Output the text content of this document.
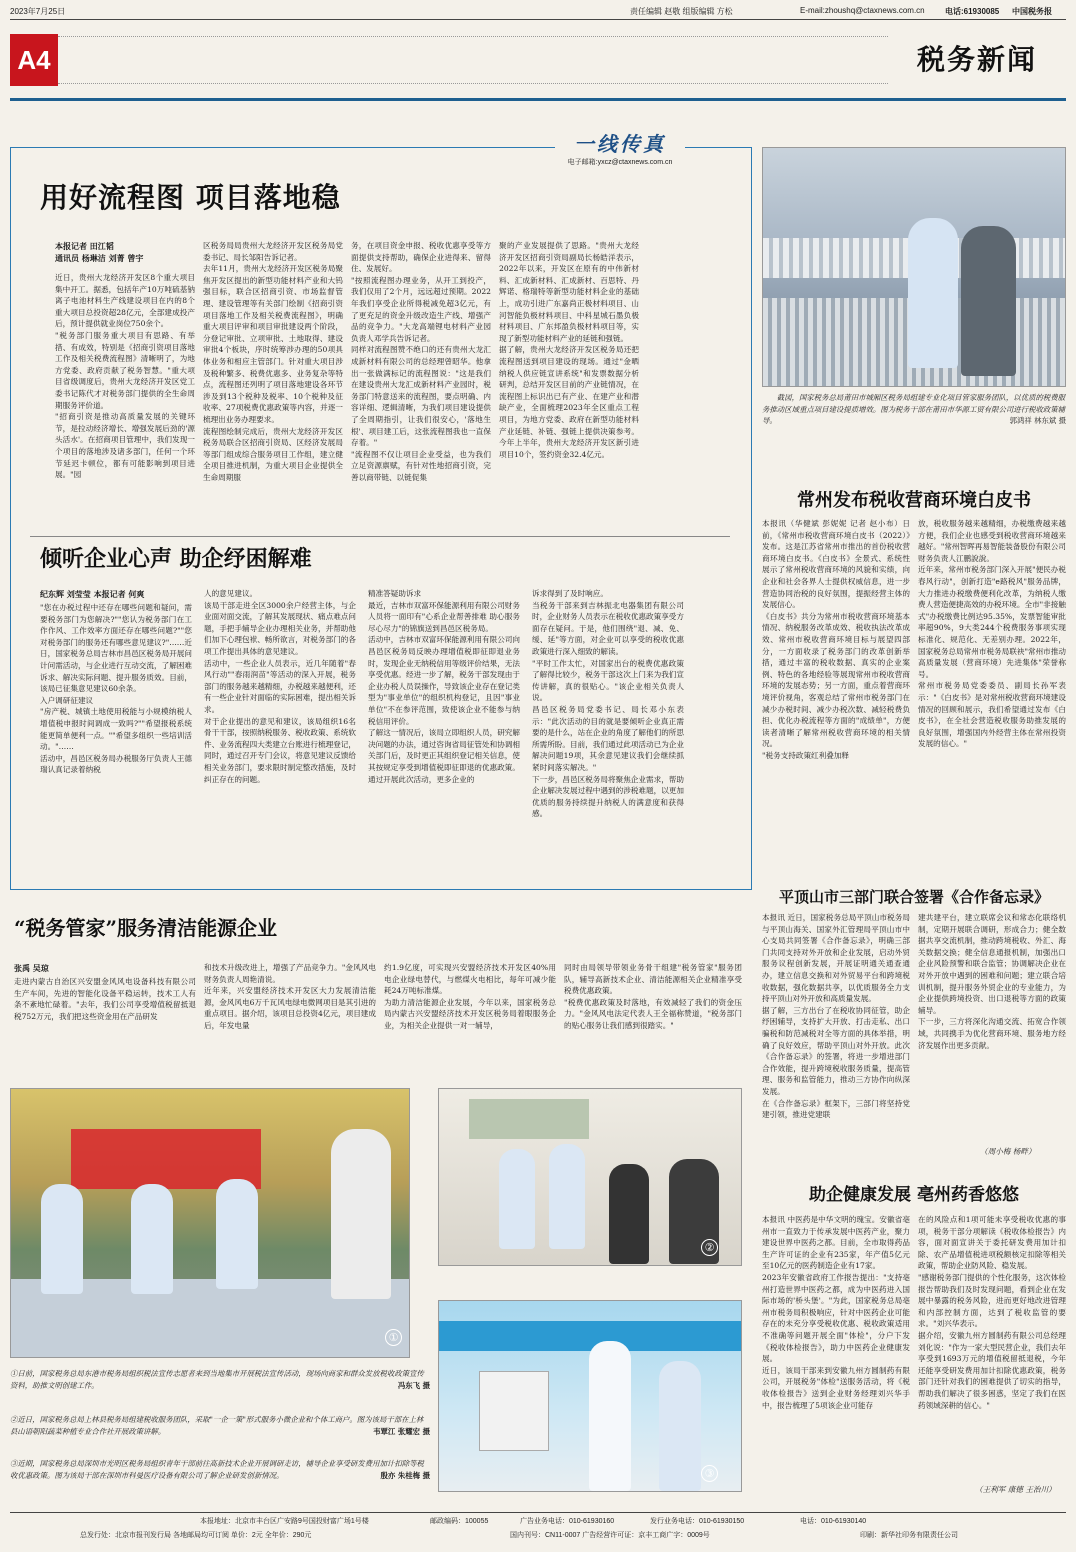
2023年7月25日	责任编辑 赵敬 组版编辑 方松	E-mail:zhoushq@ctaxnews.com.cn	电话:61930085 中国税务报
A4	税务新闻
一线传真
电子邮箱:yxcz@ctaxnews.com.cn
用好流程图 项目落地稳
本报记者 田江韬
通讯员 杨琳洁 刘菁 曾宇
近日，贵州大龙经济开发区8个重大项目集中开工。据悉，包括年产10万吨硫基钠离子电池材料生产线建设项目在内的8个重大项目总投资超28亿元，全部建成投产后，预计提供就业岗位750余个。
"税务部门服务重大项目有思路、有举措、有成效，特别是《招商引资项目落地工作及相关税费流程图》清晰明了，为地方党委、政府贡献了税务智慧。"重大项目省级调度后，贵州大龙经济开发区党工委书记陈代才对税务部门提供的全生命周期服务评价道。
"招商引资是推动高质量发展的关键环节，是拉动经济增长、增强发展后劲的'源头活水'。在招商项目管理中，我们发现一个项目的落地涉及诸多部门，任何一个环节延迟卡顿位，都有可能影响到项目进展。"园
区税务局局贵州大龙经济开发区税务局党委书记、局长邹阳告诉记者。
去年11月，贵州大龙经济开发区税务局聚焦开发区提出的新型功能材料产业和大钨强目标，联合区招商引资、市场监督管理、建设管理等有关部门绘制《招商引资项目落地工作及相关税费流程图》，明确重大项目评审和项目审批建设两个阶段，分登记审批、立项审批、土地取得、建设审批4个板块，序时统筹涉办理的50项具体业务和相应主管部门。针对重大项目涉及税种繁多、税费优惠多、业务复杂等特点，流程图还列明了项目落地建设各环节涉及到13个税种及税率、10个税种及征收率、27项税费优惠政策等内容，并逐一梳理出业务办理要求。
流程图绘制完成后，贵州大龙经济开发区税务局联合区招商引资局、区经济发展局等部门组成综合服务项目工作组，建立健全项目推进机制，为重大项目企业提供全生命周期服
务，在项目资金申报、税收优惠享受等方面提供支持帮助，确保企业进得来、留得住、发展好。
"按照流程图办理业务，从开工到投产，我们仅用了2个月，远远超过预期。2022年我们享受企业所得税减免超3亿元，有了更充足的资金升级改造生产线、增强产品的竞争力。"大龙高端锂电材料产业园负责人邓学兵告诉记者。
同样对流程图赞不绝口的还有贵州大龙汇成新材料有限公司的总经理曾昭华。他拿出一张做满标记的流程图说："这是我们在建设贵州大龙汇成新材料产业园时，税务部门特意送来的流程图，要点明确、内容详细、逻辑清晰，为我们项目建设提供了全周期指引，让我们很安心，'落地生根'、项目建工后，这张流程图我也一直保存着。"
"流程图不仅让项目企业受益，也为我们立足资源禀赋，有针对性地招商引资，完善以商带链、以链促集
聚的产业发展提供了思路。"贵州大龙经济开发区招商引资局副局长杨皓洋表示，2022年以来，开发区在原有的中伟新材料、汇成新材料、汇成新材、百思特、丹辉诺、格瑞特等新型功能材料企业的基础上，成功引进广东嘉尚正极材料项目、山河智能负极材料项目、中科星城石墨负极材料项目、广东邦盈负极材料项目等，实现了新型功能材料产业的延链和强链。
据了解，贵州大龙经济开发区税务局还把流程图送到项目建设的现场。通过"金晒纳税人供应链宣讲系统"和发票数据分析研判，总结开发区目前的产业链情况，在流程图上标识出已有产业、在建产业和潜缺产业，全面梳理2023年全区重点工程项目，为地方党委、政府在新型功能材料产业延链、补链、强链上提供决策参考。今年上半年，贵州大龙经济开发区新引进项目10个，签约资金32.4亿元。
截図，国家税务总局莆田市城厢区税务局组建专业化项目管家服务团队，以优质的税费服务推动区域重点项目建设提质增效。图为税务干部在莆田市华源工贸有限公司进行税收政策辅导。	郭鸿祥 林东斌 摄
倾听企业心声 助企纾困解难
纪东辉 刘莹莹 本报记者 何爽
"您在办税过程中还存在哪些问题和疑问，需要税务部门为您解决?""您认为税务部门在工作作风、工作效率方面还存在哪些问题?""您对税务部门的服务还有哪些意见建议?"……近日，国家税务总局吉林市昌邑区税务局开展问计问需活动，与企业进行互动交流，了解困难诉求、解决实际问题、提升服务质效。目前，该局已征集意见建议60余条。
入户调研征建议
"房产税、城镇土地使用税能与小规模纳税人增值税申报时间调成一致吗?""希望报税系统能更简单便利一点。""希望多组织一些培训活动。"……
活动中，昌邑区税务局办税服务厅负责人王德瑞认真记录着纳税
人的意见建议。
该局干部走进全区3000余户经营主体，与企业面对面交流，了解其发展现状、痛点难点问题，手把手辅导企业办理相关业务，并帮助他们加下心理包袱、畅所欲言，对税务部门的各项工作提出具体的意见建议。
活动中，一些企业人员表示，近几年随着"春风行动""春雨润苗"等活动的深入开展，税务部门的服务越来越精细，办税越来越便利，还有一些企业针对面临的实际困难，提出相关诉求。
对于企业提出的意见和建议，该局组织16名骨干干部，按照纳税服务、税收政策、系统软件、业务流程四大类建立台账进行梳理登记，同时，通过召开专门会议，将意见建议反馈给相关业务部门，要求限时制定整改措施，及时纠正存在的问题。
精准答疑助诉求
最近，吉林市双富环保能源利用有限公司财务人员将一面印有"心系企业帮善排难 助心服务尽心尽力"的锦旗送到昌邑区税务局。
活动中，吉林市双富环保能源利用有限公司向昌邑区税务局反映办理增值税即征即退业务时，发现企业无纳税信用等级评价结果，无法享受优惠。经进一步了解，税务干部发现由于企业办税人员误操作，导致该企业存在登记类型为"事业单位"的组织机构登记，且因"事业单位"不在参评范围，致使该企业不能参与纳税信用评价。
了解这一情况后，该局立即组织人员，研究解决问题的办法，通过咨询省局征管处和协调相关部门后，及时更正其组织登记相关信息，使其按规定享受到增值税即征即退的优惠政策。
通过开展此次活动，更多企业的
诉求得到了及时响应。
当税务干部来到吉林振北电器集团有限公司时，企业财务人员表示在税收优惠政策享受方面存在疑问。于是，他们围绕"退、减、免、缓、延"等方面，对企业可以享受的税收优惠政策进行深入细致的解读。
"平时工作太忙，对国家出台的税费优惠政策了解得比较少，税务干部这次上门来为我们宣传讲解，真的很贴心。"该企业相关负责人说。
昌邑区税务局党委书记、局长邓小东表示："此次活动的目的就是要倾听企业真正需要的是什么，站在企业的角度了解他们的所思所需所盼。目前，我们通过此项活动已为企业解决问题19项，其余意见建议我们会继续抓紧时间落实解决。"
下一步，昌邑区税务局将聚焦企业需求，帮助企业解决发展过程中遇到的涉税难题，以更加优质的服务持续提升纳税人的满意度和获得感。
常州发布税收营商环境白皮书
本报讯（华健斌 彭妮妮 记者 赵小布）日前，《常州市税收营商环境白皮书（2022）》发布。这是江苏省常州市推出的首份税收营商环境白皮书。《白皮书》全景式、系统性展示了常州税收营商环境的风貌和实绩，向企业和社会各界人士提供权威信息，进一步营造协同治税的良好氛围，提振经营主体的发展信心。
《白皮书》共分为常州市税收营商环境基本情况、纳税服务改革成效、税收执法改革成效、常州市税收营商环境目标与展望四部分，一方面收录了税务部门的改革创新举措，通过丰富的税收数据、真实的企业案例、特色的各地经验等展现常州市税收营商环境的发展态势；另一方面，重点着营商环境评价视角，客观总结了常州市税务部门在减少办税时间、减少办税次数、减轻税费负担、优化办税流程等方面的"成绩单"，方便读者清晰了解常州税收营商环境的相关情况。
"税务支持政策红利叠加释
放，税收服务越来越精细，办税缴费越来越方便，我们企业也感受到税收营商环境越来越好。"常州智晖再易智能装备股份有限公司财务负责人江鹏說說。
近年来，常州市税务部门深入开展"便民办税春风行动"，创新打造"e路税风"服务品牌，大力推进办税缴费便利化改革，为纳税人缴费人营造便捷高效的办税环境。全市"非接触式"办税缴费比例达95.35%，发票智能审批率超90%，9大类244个税费服务事项实现标准化、规范化、无差别办理。2022年，国家税务总局常州市税务局联袂"常州市推动高质量发展（营商环境）先进集体"荣誉称号。
常州市税务局党委委员、副局长孙军表示："《白皮书》是对常州税收营商环境建设情况的回顾和展示，我们希望通过发布《白皮书》，在全社会营造税收服务助推发展的良好氛围，增强国内外经营主体在常州投资发展的信心。"
“税务管家”服务清洁能源企业
张禹 吴琼
走进内蒙古自治区兴安盟金风风电设备科技有限公司生产车间，先进的智能化设备平稳运转，技术工人有条不紊地忙碌着。"去年，我们公司享受增值税留抵退税752万元，我们把这些资金用在产品研发
和技术升级改进上，增强了产品竞争力。"金风风电财务负责人周艳清说。
近年来，兴安盟经济技术开发区大力发展清洁能源，金风风电6万千瓦风电绿电微网项目是其引进的重点项目。据介绍，该项目总投资4亿元，项目建成后，年发电量
约1.9亿度，可实现兴安盟经济技术开发区40%用电企业绿电替代，与燃煤火电相比，每年可减少能耗24万吨标准煤。
为助力清洁能源企业发展，今年以来，国家税务总局内蒙古兴安盟经济技术开发区税务局着眼服务企业，为相关企业提供一对一辅导，
同时由局领导带领业务骨干组建"税务管家"服务团队，辅导高新技术企业、清洁能源相关企业精准享受税费优惠政策。
"税费优惠政策及时落地，有效减轻了我们的资金压力。"金风风电法定代表人王全福称赞道，"税务部门的贴心服务让我们感到很踏实。"
①
②
③
①日前，国家税务总局东港市税务局组织税法宣传志愿者来到当地集市开展税法宣传活动，现场向商家和群众发放税收政策宣传资料，助推文明创建工作。	冯东飞 摄
②近日，国家税务总局上林县税务局组建税收服务团队，采取"一企一策"形式服务小微企业和个体工商户。图为该局干部在上林县山语朝阳蔬菜种植专业合作社开展政策讲解。	韦覃江 张耀宏 摄
③近期，国家税务总局深圳市光明区税务局组织青年干部前往高新技术企业开展调研走访，辅导企业享受研发费用加计扣除等税收优惠政策。图为该局干部在深圳市科曼医疗设备有限公司了解企业研发创新情况。	殷亦 朱桂梅 摄
平顶山市三部门联合签署《合作备忘录》
本报讯 近日，国家税务总局平顶山市税务局与平顶山海关、国家外汇管理局平顶山市中心支局共同签署《合作备忘录》，明确三部门共同支持对外开放和企业发展，启动外贸服务议程创新发展，开展证明通关通查通办，建立信息交换和对外贸易平台和跨境税收数据，强化数据共享，以优质服务全力支持平顶山对外开放和高质量发展。
据了解，三方出台了在税收协同征管，助企纾困辅导，支持扩大开放、打击走私、出口骗税和防范减税对全等方面的具体举措，明确了良好效应，帮助平顶山对外开放。此次《合作备忘录》的签署，将进一步增进部门合作效能，提升跨境税收服务质量，提高管理、服务和监管能力，推动三方协作向纵深发展。
在《合作备忘录》框架下，三部门将坚持党建引领，推进党建联
建共建平台，建立联席会议和常态化联络机制，定期开展联合调研，形成合力；健全数据共享交流机制，推动跨境税收、外汇、海关数据交换；健全信息通报机制，加强出口企业风险预警和联合监管；协调解决企业在对外开放中遇到的困难和问题；建立联合培训机制，提升服务外贸企业的专业能力，为企业提供跨境投资、出口退税等方面的政策辅导。
下一步，三方将深化沟通交流、拓宽合作领域，共同携手为优化营商环境、服务地方经济发展作出更多贡献。
（周小梅 杨畔）
助企健康发展 亳州药香悠悠
本报讯 中医药是中华文明的瑰宝。安徽省亳州市一直致力于传承发展中医药产业，聚力建设世界中医药之都。目前，全市取得药品生产许可证的企业有235家，年产值5亿元至10亿元的医药制造企业有17家。
2023年安徽省政府工作报告提出："支持亳州打造世界中医药之都，成为中医药进入国际市场的'桥头堡'。"为此，国家税务总局亳州市税务局积极响应，针对中医药企业可能存在的未充分享受税收优惠、税收政策适用不准确等问题开展全面"体检"，分户下发《税收体检报告》，助力中医药企业健康发展。
近日，该局干部来到安徽九州方圆制药有限公司，开展税务"体检"送服务活动，将《税收体检报告》送到企业财务经理刘兴华手中，报告梳理了5项该企业可能存
在的风险点和1项可能未享受税收优惠的事项，税务干部分项解读《税收体检报告》内容，面对面宣讲关于委托研发费用加计扣除、农产品增值税进项税额核定扣除等相关政策，帮助企业防风险、稳发展。
"感谢税务部门提供的个性化服务，这次体检报告帮助我们及时发现问题，看到企业在发展中暴露的税务风险，进而更好地改进管理和内部控制方面，达到了税收监管的要求。"刘兴华表示。
据介绍，安徽九州方圆制药有限公司总经理刘化说："作为一家大型民营企业，我们去年享受到1693万元的增值税留抵退税，今年还能享受研发费用加计扣除优惠政策，税务部门还针对我们的困难提供了切实的指导，帮助我们解决了很多困惑，坚定了我们在医药领域深耕的信心。"
（王利军 康德 王治川）
本报地址：北京市丰台区广安路9号国投财富广场1号楼	邮政编码：100055	广告业务电话：010-61930160	发行业务电话：010-61930150	电话：010-61930140
总发行处：北京市报刊发行局 各地邮局均可订阅 单价：2元 全年价：290元	国内刊号：CN11-0007 广告经营许可证：京丰工商广字：0009号	印刷：新华社印务有限责任公司
